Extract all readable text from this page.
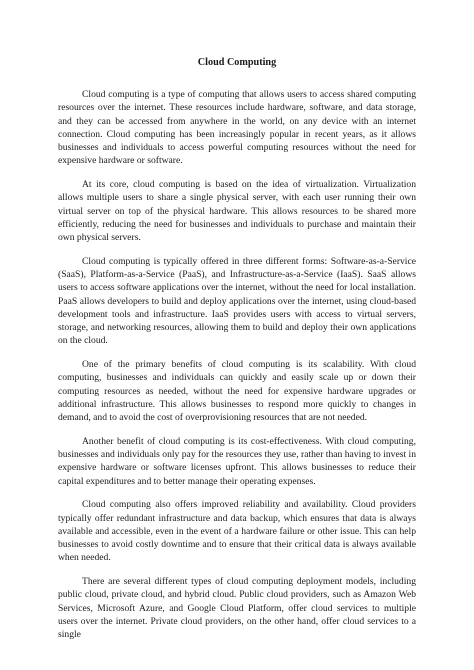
Cloud Computing

Cloud computing is a type of computing that allows users to access shared computing resources over the internet. These resources include hardware, software, and data storage, and they can be accessed from anywhere in the world, on any device with an internet connection. Cloud computing has been increasingly popular in recent years, as it allows businesses and individuals to access powerful computing resources without the need for expensive hardware or software.

At its core, cloud computing is based on the idea of virtualization. Virtualization allows multiple users to share a single physical server, with each user running their own virtual server on top of the physical hardware. This allows resources to be shared more efficiently, reducing the need for businesses and individuals to purchase and maintain their own physical servers.

Cloud computing is typically offered in three different forms: Software-as-a-Service (SaaS), Platform-as-a-Service (PaaS), and Infrastructure-as-a-Service (IaaS). SaaS allows users to access software applications over the internet, without the need for local installation. PaaS allows developers to build and deploy applications over the internet, using cloud-based development tools and infrastructure. IaaS provides users with access to virtual servers, storage, and networking resources, allowing them to build and deploy their own applications on the cloud.

One of the primary benefits of cloud computing is its scalability. With cloud computing, businesses and individuals can quickly and easily scale up or down their computing resources as needed, without the need for expensive hardware upgrades or additional infrastructure. This allows businesses to respond more quickly to changes in demand, and to avoid the cost of overprovisioning resources that are not needed.

Another benefit of cloud computing is its cost-effectiveness. With cloud computing, businesses and individuals only pay for the resources they use, rather than having to invest in expensive hardware or software licenses upfront. This allows businesses to reduce their capital expenditures and to better manage their operating expenses.

Cloud computing also offers improved reliability and availability. Cloud providers typically offer redundant infrastructure and data backup, which ensures that data is always available and accessible, even in the event of a hardware failure or other issue. This can help businesses to avoid costly downtime and to ensure that their critical data is always available when needed.

There are several different types of cloud computing deployment models, including public cloud, private cloud, and hybrid cloud. Public cloud providers, such as Amazon Web Services, Microsoft Azure, and Google Cloud Platform, offer cloud services to multiple users over the internet. Private cloud providers, on the other hand, offer cloud services to a single
